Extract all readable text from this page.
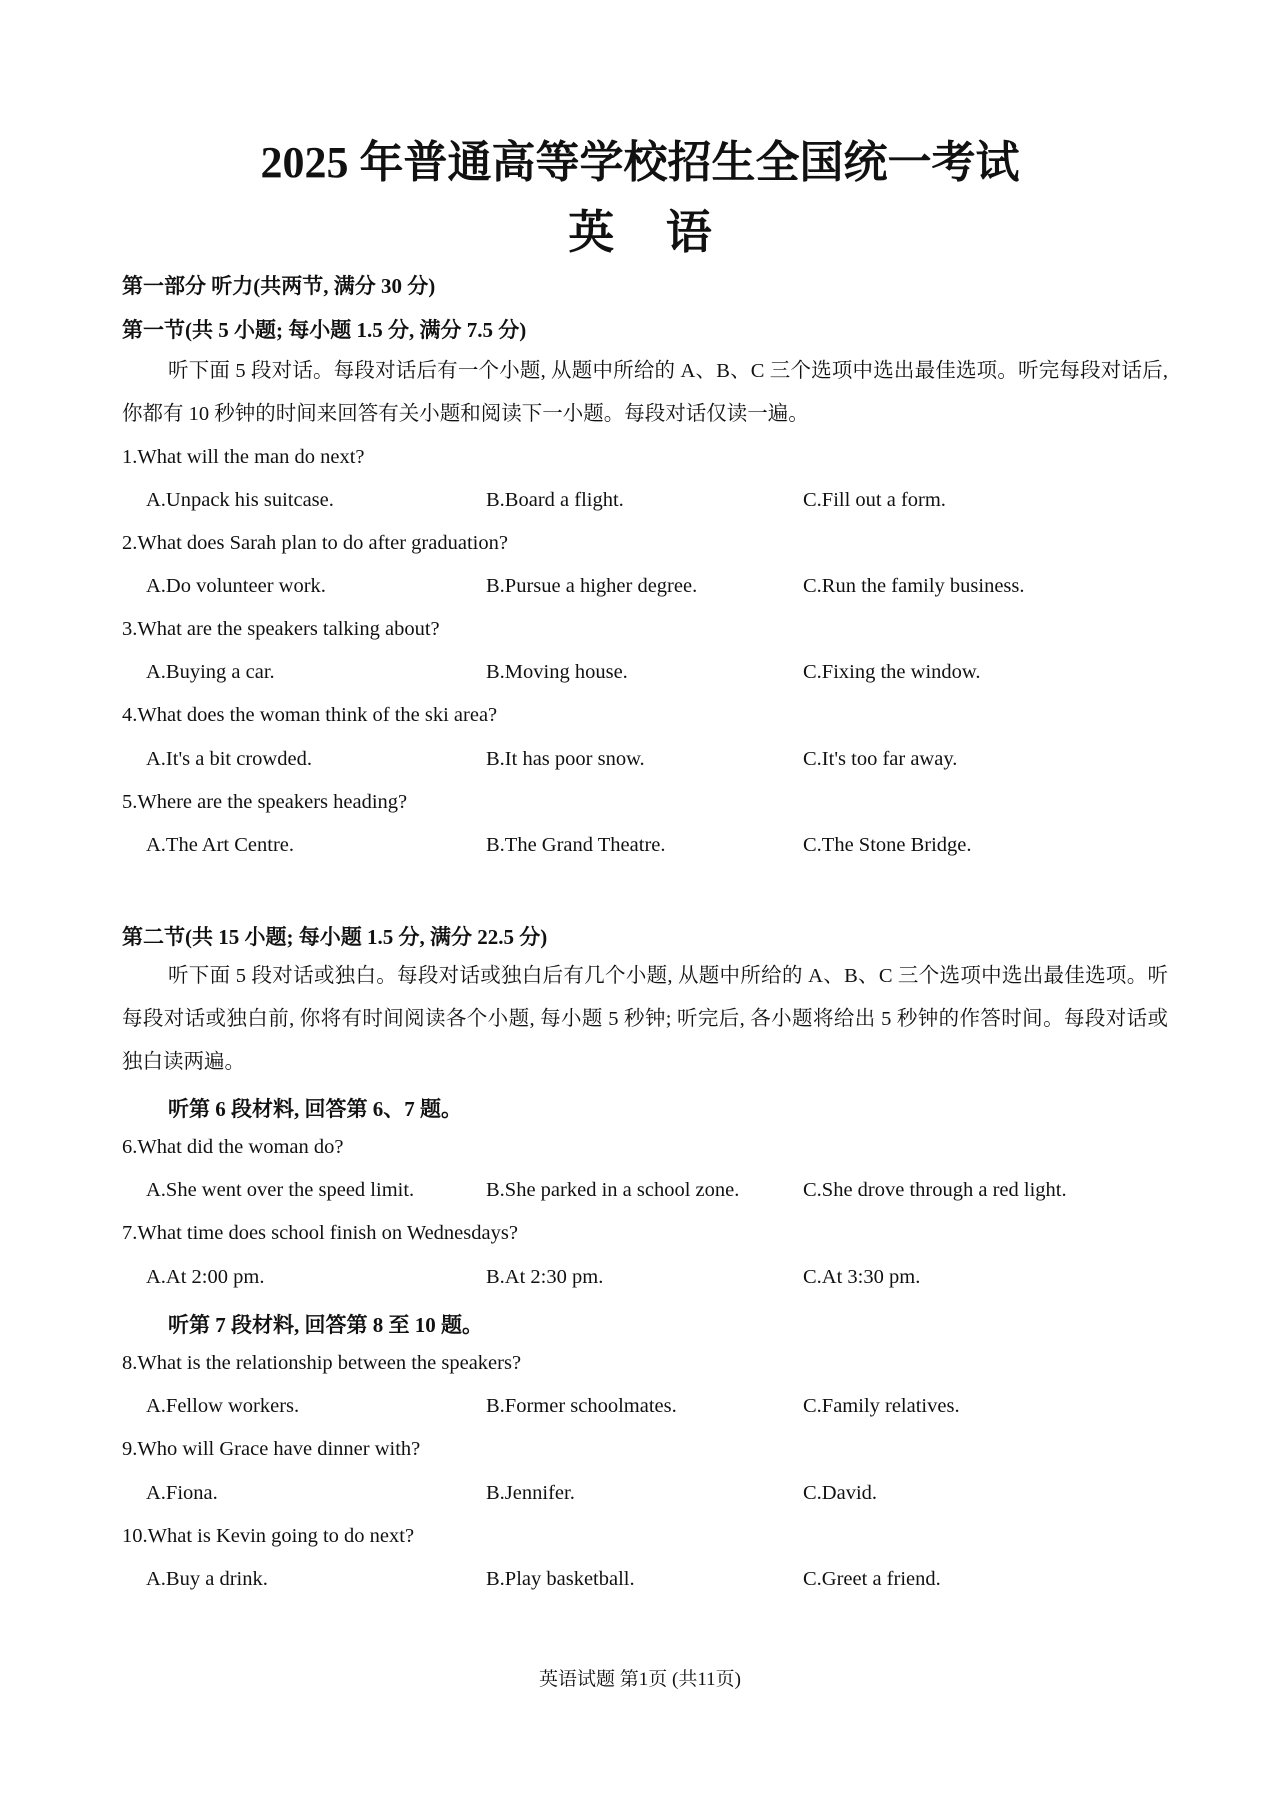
2025 年普通高等学校招生全国统一考试
英 语
第一部分 听力(共两节, 满分 30 分)
第一节(共 5 小题; 每小题 1.5 分, 满分 7.5 分)
听下面 5 段对话。每段对话后有一个小题, 从题中所给的 A、B、C 三个选项中选出最佳选项。听完每段对话后, 你都有 10 秒钟的时间来回答有关小题和阅读下一小题。每段对话仅读一遍。
1.What will the man do next?
A.Unpack his suitcase.	B.Board a flight.	C.Fill out a form.
2.What does Sarah plan to do after graduation?
A.Do volunteer work.	B.Pursue a higher degree.	C.Run the family business.
3.What are the speakers talking about?
A.Buying a car.	B.Moving house.	C.Fixing the window.
4.What does the woman think of the ski area?
A.It's a bit crowded.	B.It has poor snow.	C.It's too far away.
5.Where are the speakers heading?
A.The Art Centre.	B.The Grand Theatre.	C.The Stone Bridge.
第二节(共 15 小题; 每小题 1.5 分, 满分 22.5 分)
听下面 5 段对话或独白。每段对话或独白后有几个小题, 从题中所给的 A、B、C 三个选项中选出最佳选项。听每段对话或独白前, 你将有时间阅读各个小题, 每小题 5 秒钟; 听完后, 各小题将给出 5 秒钟的作答时间。每段对话或独白读两遍。
听第 6 段材料, 回答第 6、7 题。
6.What did the woman do?
A.She went over the speed limit.	B.She parked in a school zone.	C.She drove through a red light.
7.What time does school finish on Wednesdays?
A.At 2:00 pm.	B.At 2:30 pm.	C.At 3:30 pm.
听第 7 段材料, 回答第 8 至 10 题。
8.What is the relationship between the speakers?
A.Fellow workers.	B.Former schoolmates.	C.Family relatives.
9.Who will Grace have dinner with?
A.Fiona.	B.Jennifer.	C.David.
10.What is Kevin going to do next?
A.Buy a drink.	B.Play basketball.	C.Greet a friend.
英语试题 第1页 (共11页)
